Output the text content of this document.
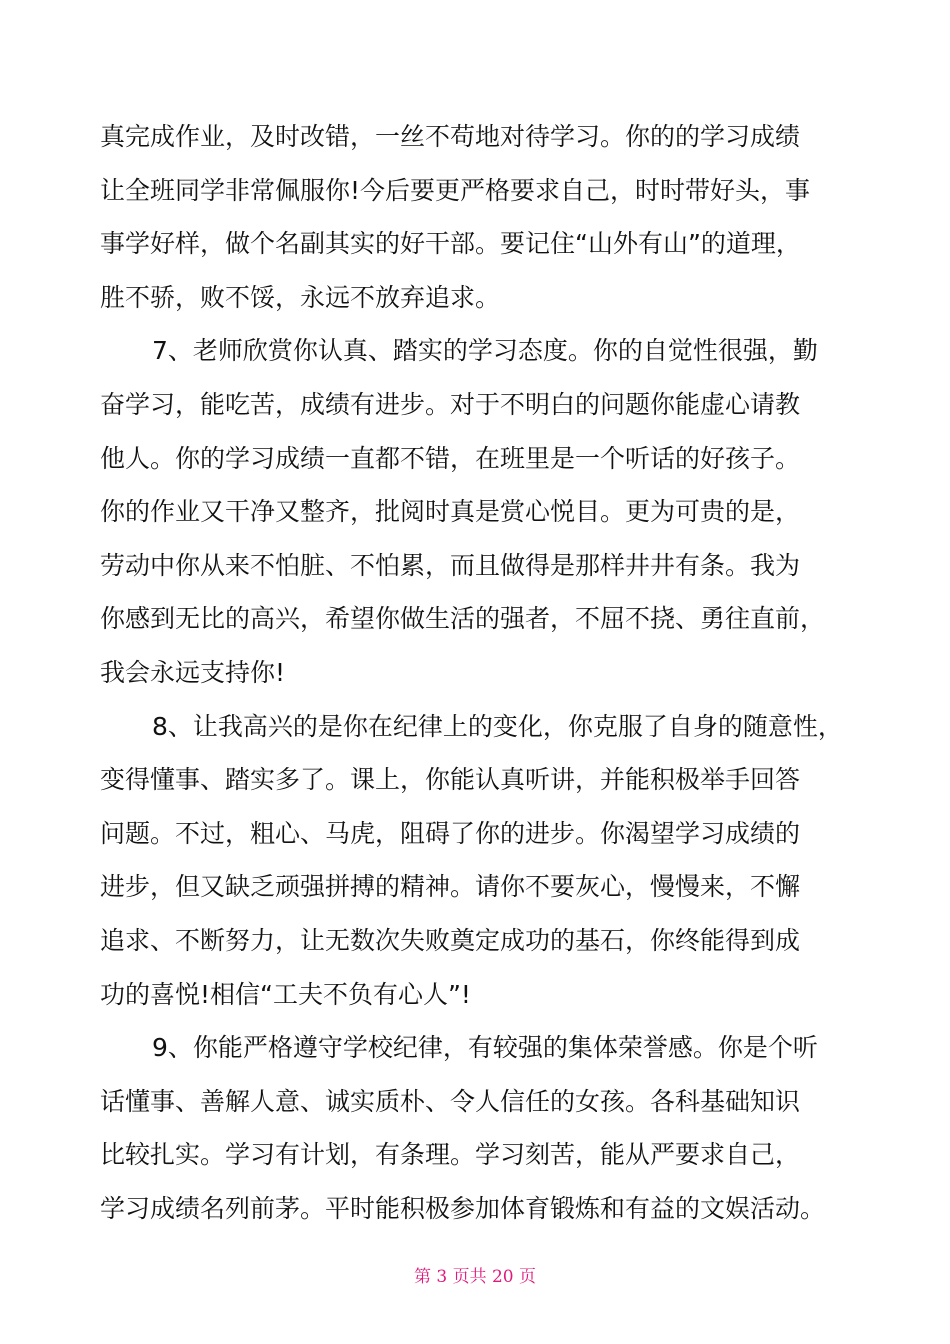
真完成作业，及时改错，一丝不苟地对待学习。你的的学习成绩
让全班同学非常佩服你!今后要更严格要求自己，时时带好头，事
事学好样，做个名副其实的好干部。要记住“山外有山”的道理，
胜不骄，败不馁，永远不放弃追求。
7、老师欣赏你认真、踏实的学习态度。你的自觉性很强，勤
奋学习，能吃苦，成绩有进步。对于不明白的问题你能虚心请教
他人。你的学习成绩一直都不错，在班里是一个听话的好孩子。
你的作业又干净又整齐，批阅时真是赏心悦目。更为可贵的是，
劳动中你从来不怕脏、不怕累，而且做得是那样井井有条。我为
你感到无比的高兴，希望你做生活的强者，不屈不挠、勇往直前，
我会永远支持你!
8、让我高兴的是你在纪律上的变化，你克服了自身的随意性，
变得懂事、踏实多了。课上，你能认真听讲，并能积极举手回答
问题。不过，粗心、马虎，阻碍了你的进步。你渴望学习成绩的
进步，但又缺乏顽强拼搏的精神。请你不要灰心，慢慢来，不懈
追求、不断努力，让无数次失败奠定成功的基石，你终能得到成
功的喜悦!相信“工夫不负有心人”!
9、你能严格遵守学校纪律，有较强的集体荣誉感。你是个听
话懂事、善解人意、诚实质朴、令人信任的女孩。各科基础知识
比较扎实。学习有计划，有条理。学习刻苦，能从严要求自己，
学习成绩名列前茅。平时能积极参加体育锻炼和有益的文娱活动。
第 3 页共 20 页
